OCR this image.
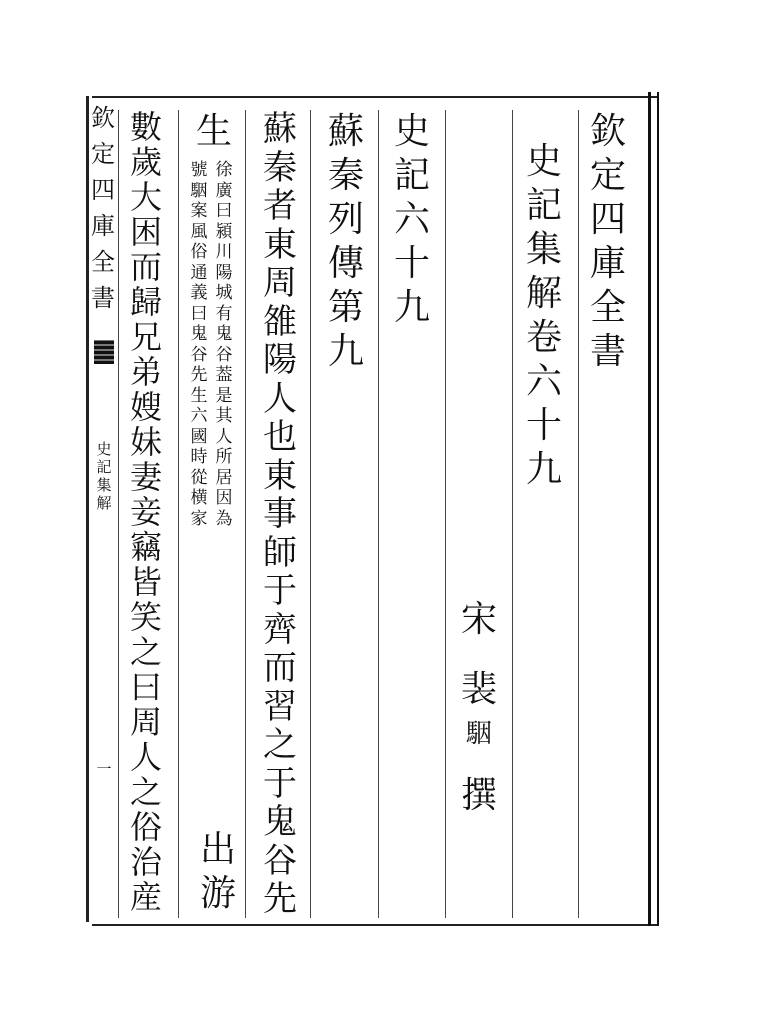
欽
定
四
庫
全
書
史
記
集
解
一
欽
定
四
庫
全
書
史
記
集
解
卷
六
十
九
宋
裴
駰
撰
史
記
六
十
九
蘇
秦
列
傳
第
九
蘇
秦
者
東
周
雒
陽
人
也
東
事
師
于
齊
而
習
之
于
鬼
谷
先
生
徐
廣
曰
潁
川
陽
城
有
鬼
谷
葢
是
其
人
所
居
因
為
號
駰
案
風
俗
通
義
曰
鬼
谷
先
生
六
國
時
從
横
家
出
游
數
歲
大
困
而
歸
兄
弟
嫂
妹
妻
妾
竊
皆
笑
之
曰
周
人
之
俗
治
産
